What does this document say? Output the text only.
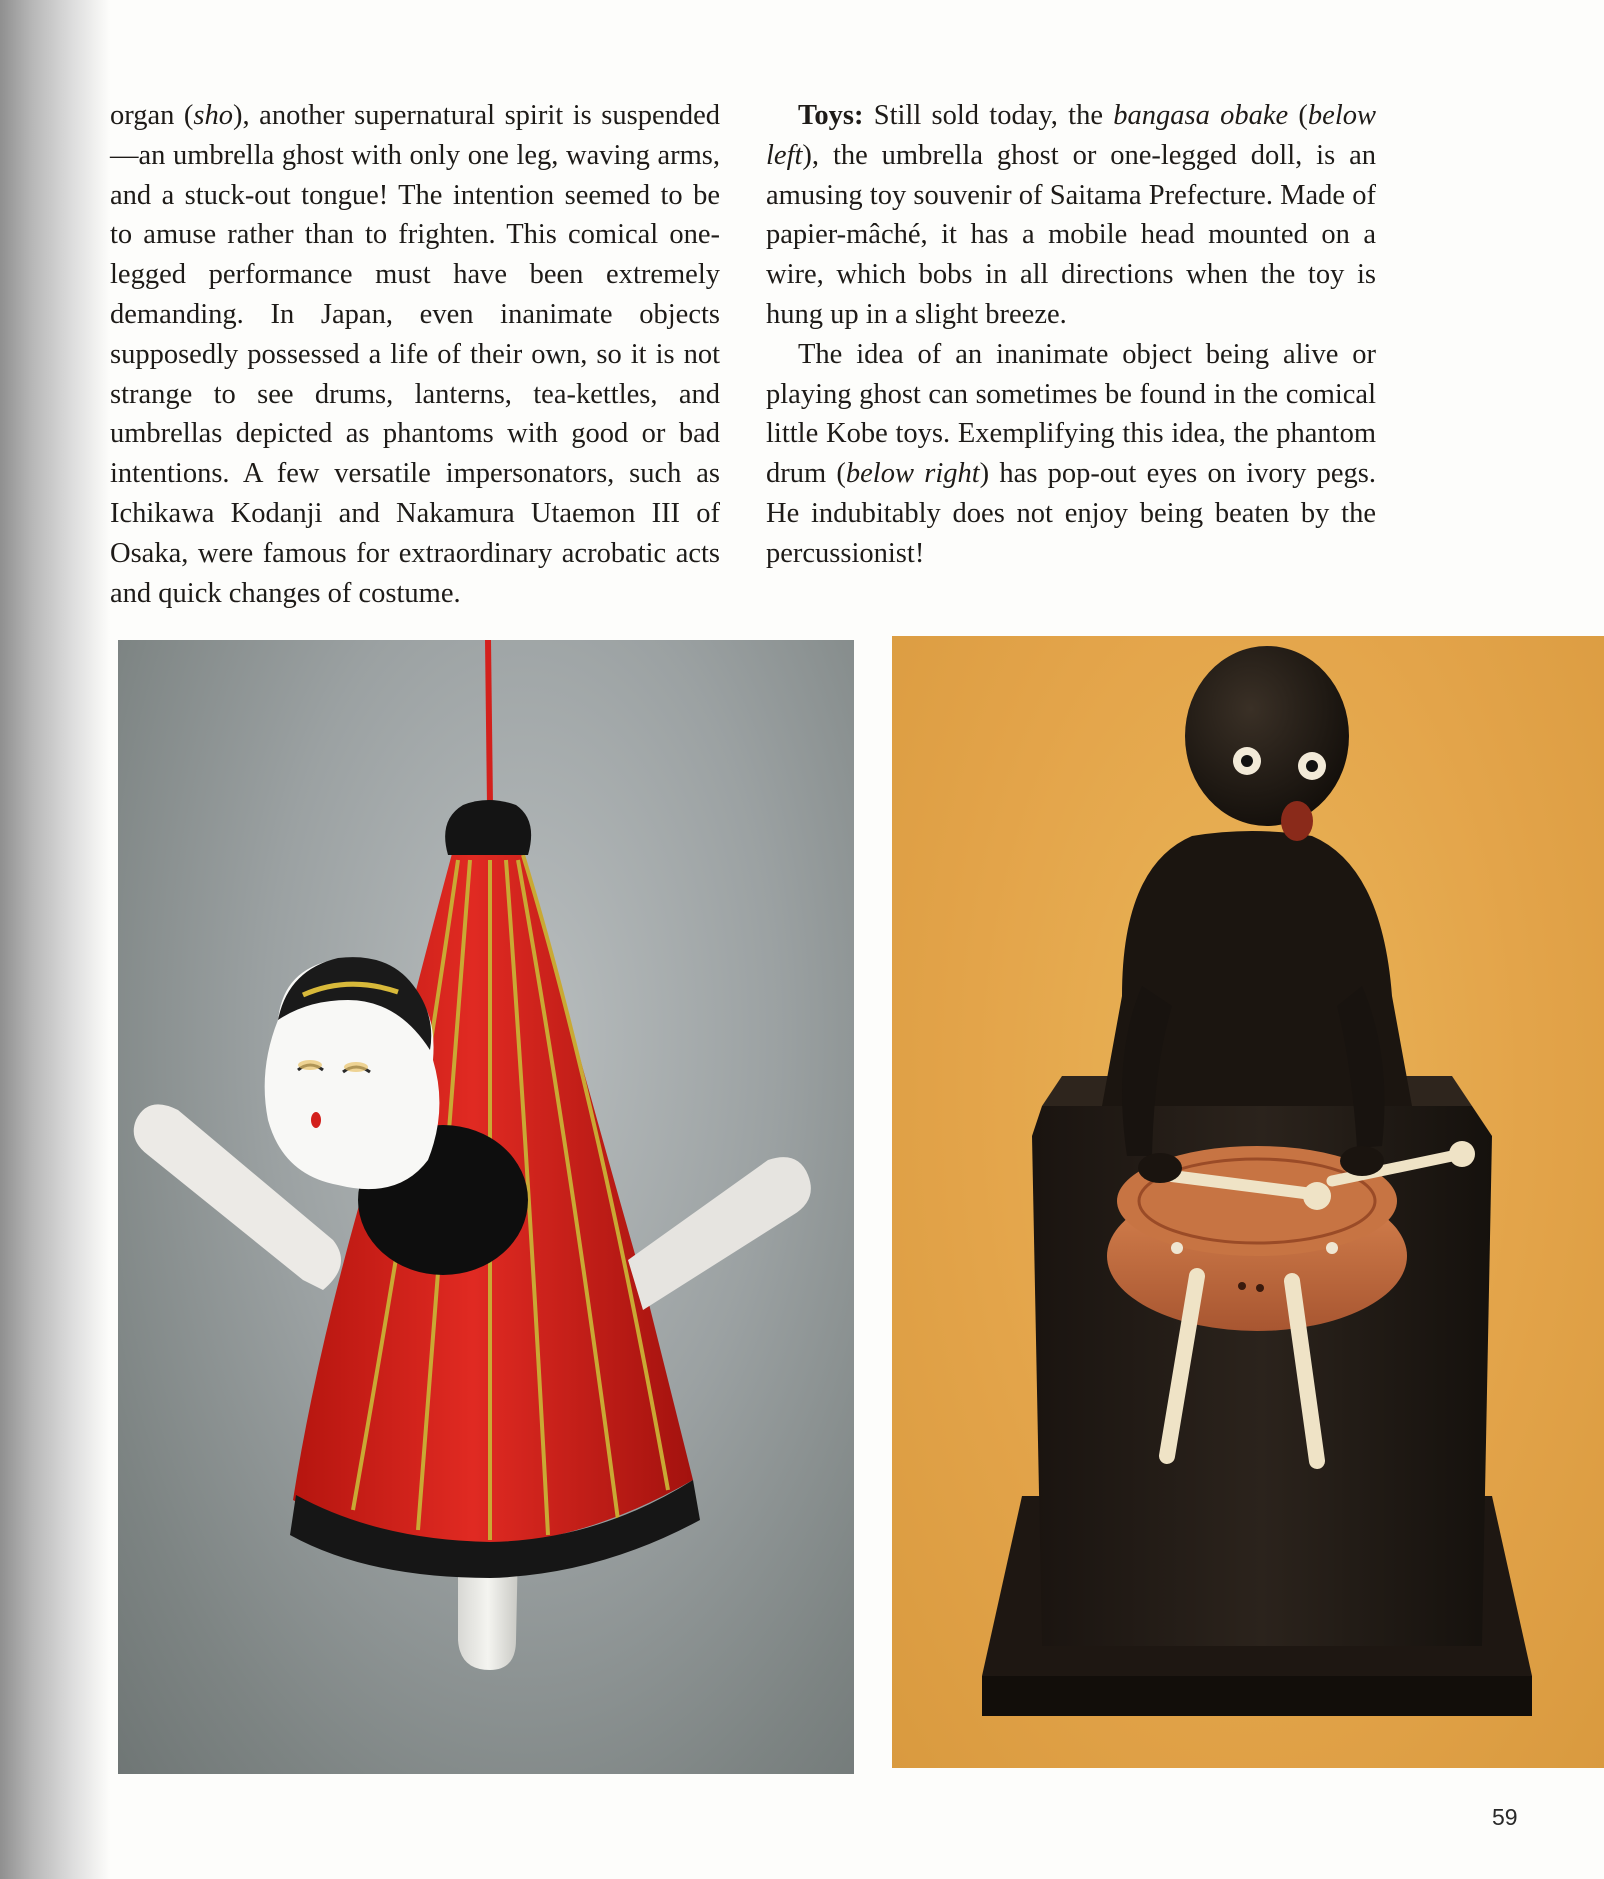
organ (sho), another supernatural spirit is suspended—an umbrella ghost with only one leg, waving arms, and a stuck-out tongue! The intention seemed to be to amuse rather than to frighten. This comical one-legged performance must have been extremely demanding. In Japan, even inanimate objects supposedly possessed a life of their own, so it is not strange to see drums, lanterns, tea-kettles, and umbrellas depicted as phantoms with good or bad intentions. A few versatile impersonators, such as Ichikawa Kodanji and Nakamura Utaemon III of Osaka, were famous for extraordinary acrobatic acts and quick changes of costume.

Toys: Still sold today, the bangasa obake (below left), the umbrella ghost or one-legged doll, is an amusing toy souvenir of Saitama Prefecture. Made of papier-mâché, it has a mobile head mounted on a wire, which bobs in all directions when the toy is hung up in a slight breeze.

The idea of an inanimate object being alive or playing ghost can sometimes be found in the comical little Kobe toys. Exemplifying this idea, the phantom drum (below right) has pop-out eyes on ivory pegs. He indubitably does not enjoy being beaten by the percussionist!

59
